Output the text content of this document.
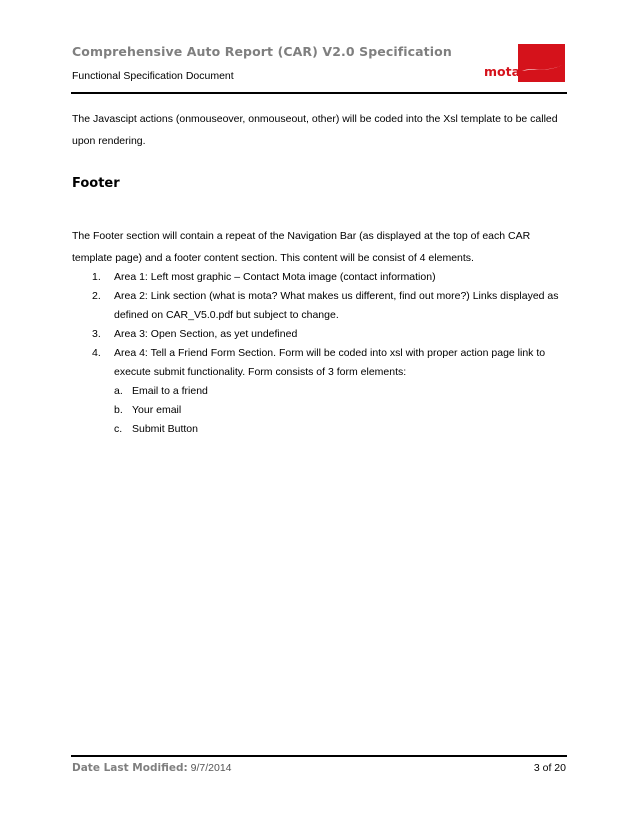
Comprehensive Auto Report (CAR) V2.0 Specification
Functional Specification Document	mota
The Javascipt actions (onmouseover, onmouseout, other) will be coded into the Xsl template to be called upon rendering.
Footer
The Footer section will contain a repeat of the Navigation Bar (as displayed at the top of each CAR template page) and a footer content section. This content will be consist of 4 elements.
1. Area 1: Left most graphic – Contact Mota image (contact information)
2. Area 2: Link section (what is mota? What makes us different, find out more?) Links displayed as defined on CAR_V5.0.pdf but subject to change.
3. Area 3: Open Section, as yet undefined
4. Area 4: Tell a Friend Form Section. Form will be coded into xsl with proper action page link to execute submit functionality. Form consists of 3 form elements:
a. Email to a friend
b. Your email
c. Submit Button
Date Last Modified: 9/7/2014	3 of 20
